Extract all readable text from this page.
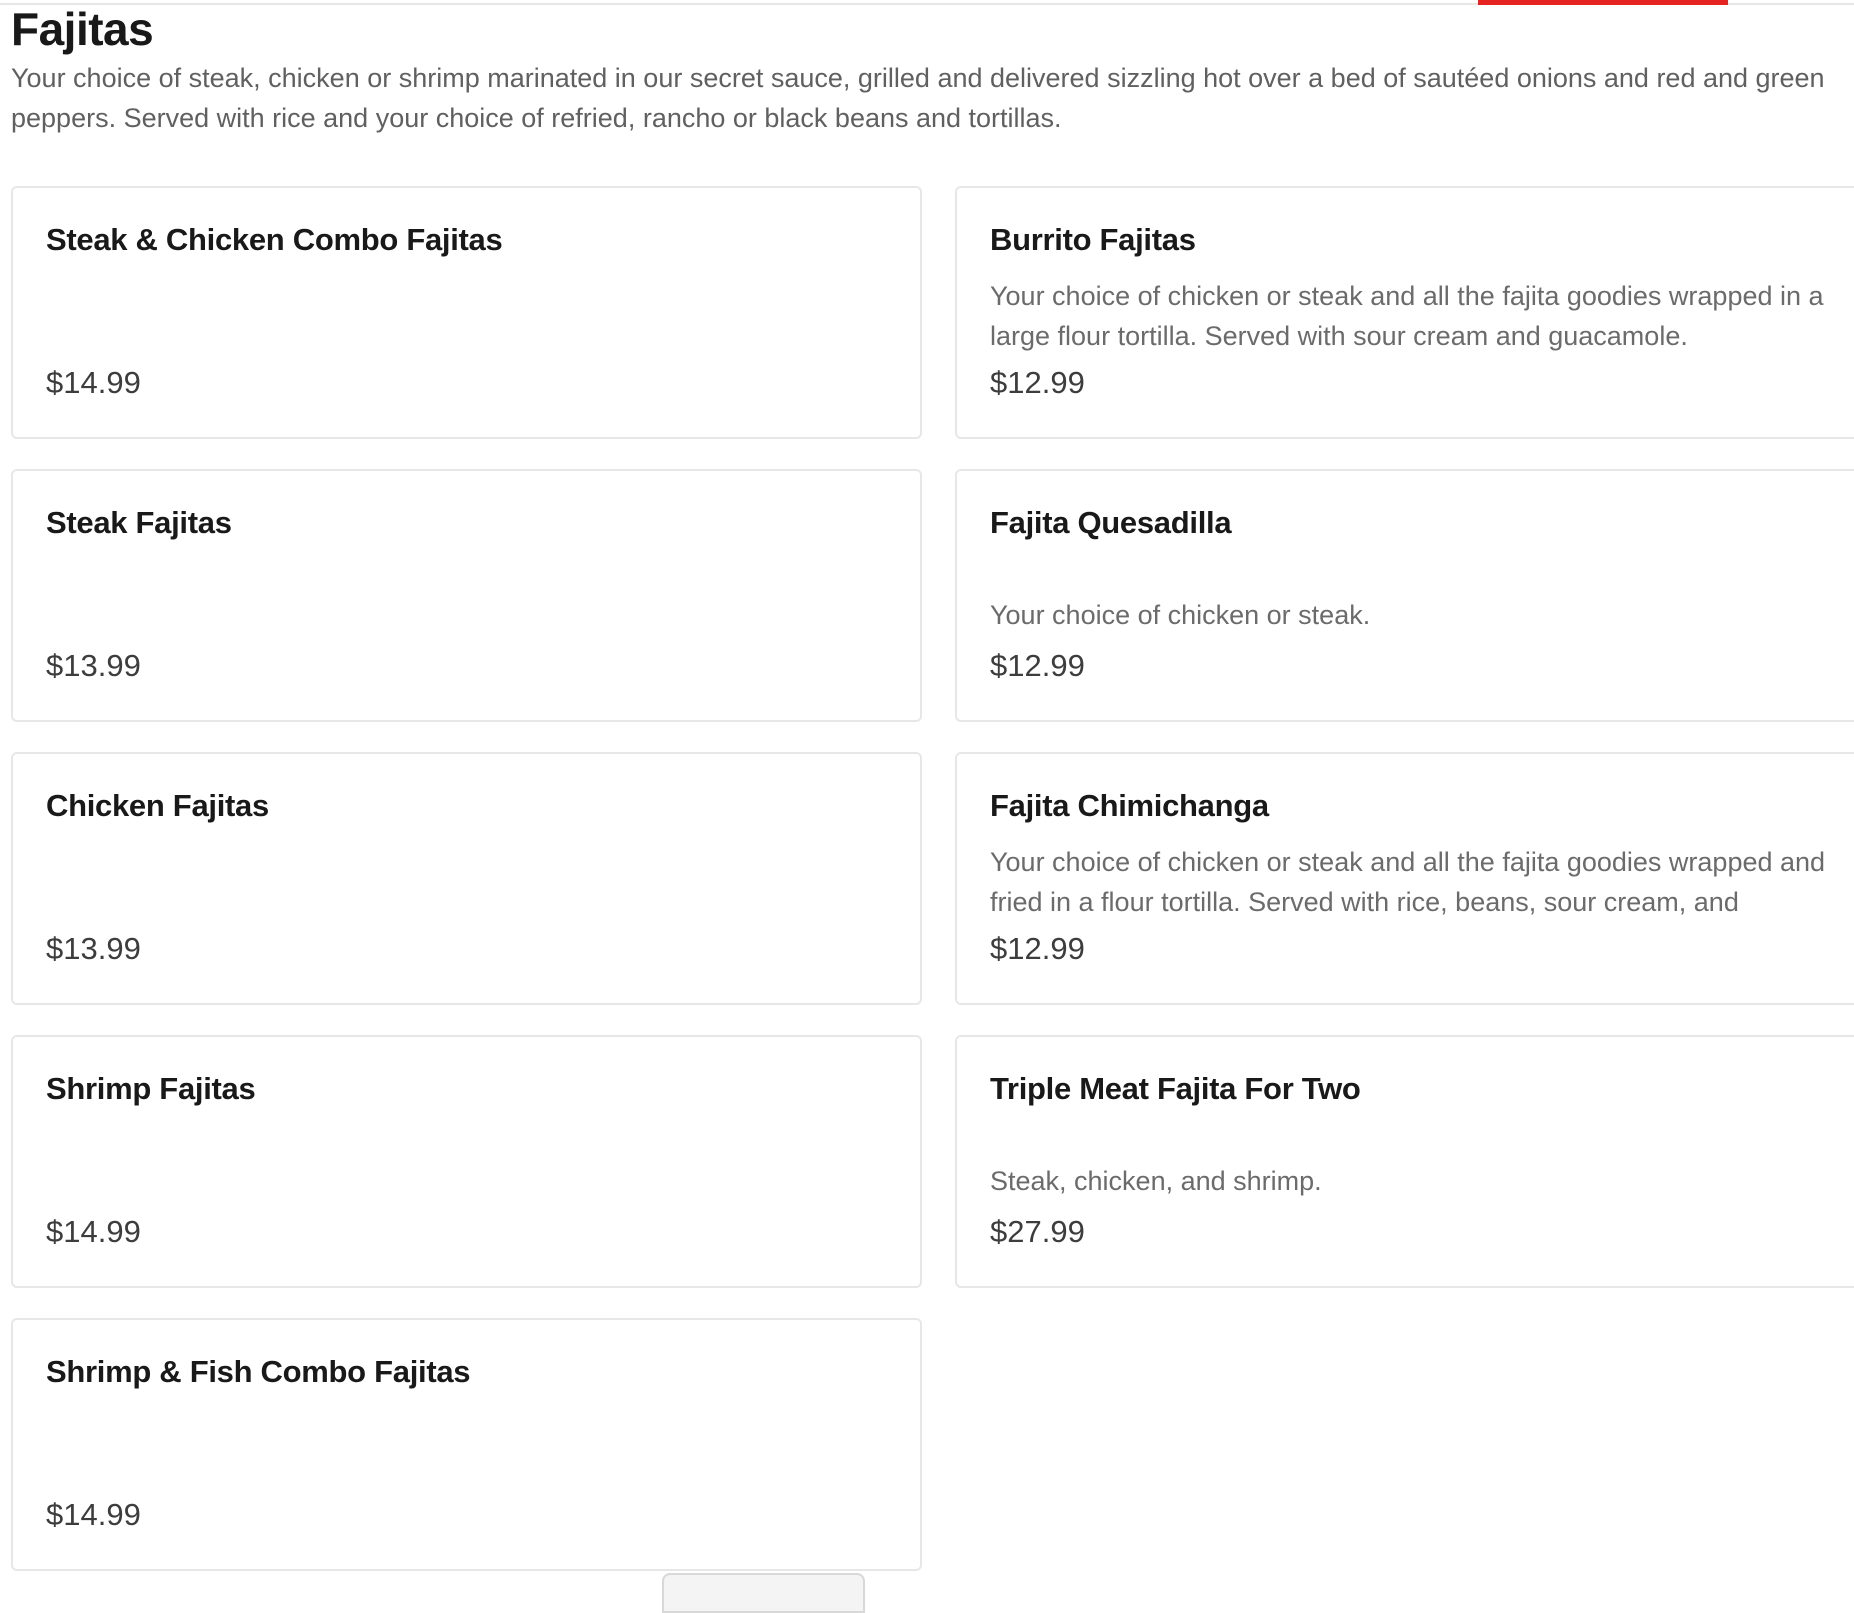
Fajitas

Your choice of steak, chicken or shrimp marinated in our secret sauce, grilled and delivered sizzling hot over a bed of sautéed onions and red and green peppers. Served with rice and your choice of refried, rancho or black beans and tortillas.

Steak & Chicken Combo Fajitas

$14.99

Burrito Fajitas

Your choice of chicken or steak and all the fajita goodies wrapped in a large flour tortilla. Served with sour cream and guacamole.

$12.99

Steak Fajitas

$13.99

Fajita Quesadilla

Your choice of chicken or steak.

$12.99

Chicken Fajitas

$13.99

Fajita Chimichanga

Your choice of chicken or steak and all the fajita goodies wrapped and fried in a flour tortilla. Served with rice, beans, sour cream, and

$12.99

Shrimp Fajitas

$14.99

Triple Meat Fajita For Two

Steak, chicken, and shrimp.

$27.99

Shrimp & Fish Combo Fajitas

$14.99
